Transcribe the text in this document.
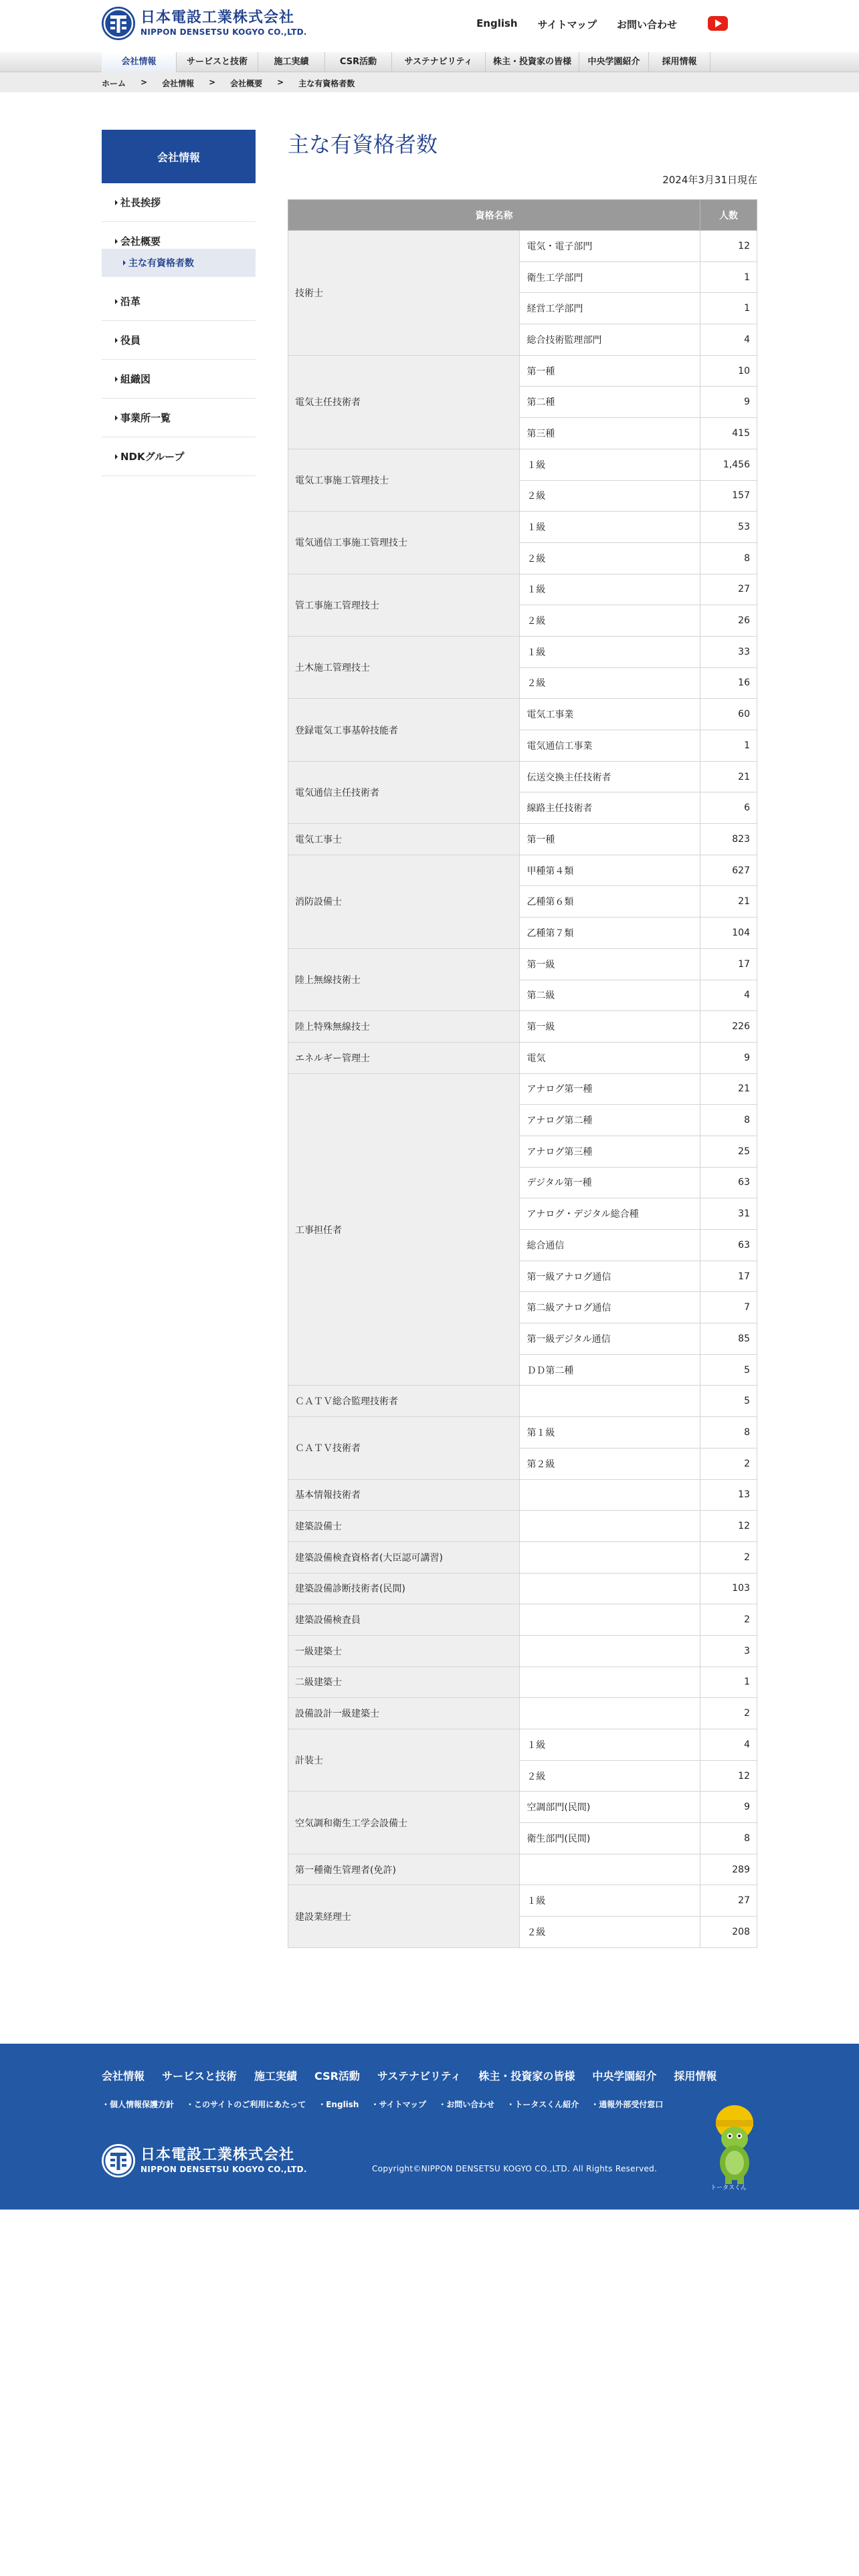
日本電設工業株式会社
NIPPON DENSETSU KOGYO CO.,LTD.
English サイトマップ お問い合わせ
会社情報	サービスと技術	施工実績	CSR活動	サステナビリティ	株主・投資家の皆様	中央学園紹介	採用情報
ホーム > 会社情報 > 会社概要 > 主な有資格者数
会社情報
社長挨拶
会社概要
主な有資格者数
沿革
役員
組織図
事業所一覧
NDKグループ
主な有資格者数
2024年3月31日現在
資格名称		人数
技術士	電気・電子部門	12
	衛生工学部門	1
	経営工学部門	1
	総合技術監理部門	4
電気主任技術者	第一種	10
	第二種	9
	第三種	415
電気工事施工管理技士	１級	1,456
	２級	157
電気通信工事施工管理技士	１級	53
	２級	8
管工事施工管理技士	１級	27
	２級	26
土木施工管理技士	１級	33
	２級	16
登録電気工事基幹技能者	電気工事業	60
	電気通信工事業	1
電気通信主任技術者	伝送交換主任技術者	21
	線路主任技術者	6
電気工事士	第一種	823
消防設備士	甲種第４類	627
	乙種第６類	21
	乙種第７類	104
陸上無線技術士	第一級	17
	第二級	4
陸上特殊無線技士	第一級	226
エネルギー管理士	電気	9
工事担任者	アナログ第一種	21
	アナログ第二種	8
	アナログ第三種	25
	デジタル第一種	63
	アナログ・デジタル総合種	31
	総合通信	63
	第一級アナログ通信	17
	第二級アナログ通信	7
	第一級デジタル通信	85
	ＤＤ第二種	5
ＣＡＴＶ総合監理技術者		5
ＣＡＴＶ技術者	第１級	8
	第２級	2
基本情報技術者		13
建築設備士		12
建築設備検査資格者(大臣認可講習)		2
建築設備診断技術者(民間)		103
建築設備検査員		2
一級建築士		3
二級建築士		1
設備設計一級建築士		2
計装士	１級	4
	２級	12
空気調和衛生工学会設備士	空調部門(民間)	9
	衛生部門(民間)	8
第一種衛生管理者(免許)		289
建設業経理士	１級	27
	２級	208
会社情報 サービスと技術 施工実績 CSR活動 サステナビリティ 株主・投資家の皆様 中央学園紹介 採用情報
・ 個人情報保護方針	・ このサイトのご利用にあたって	・ English	・ サイトマップ	・ お問い合わせ	・ トータスくん紹介	・ 通報外部受付窓口
日本電設工業株式会社
NIPPON DENSETSU KOGYO CO.,LTD.	Copyright©NIPPON DENSETSU KOGYO CO.,LTD. All Rights Reserved.
トータスくん
